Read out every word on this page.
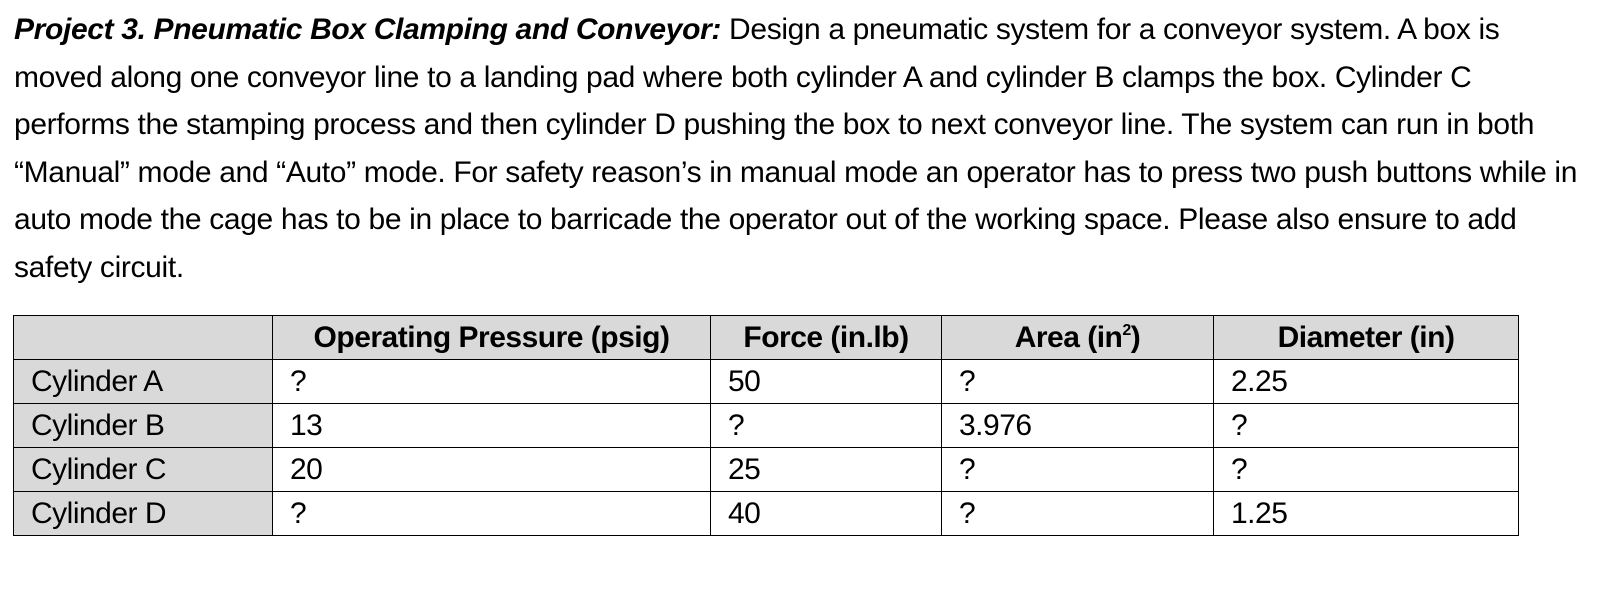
Project 3. Pneumatic Box Clamping and Conveyor: Design a pneumatic system for a conveyor system. A box is moved along one conveyor line to a landing pad where both cylinder A and cylinder B clamps the box. Cylinder C performs the stamping process and then cylinder D pushing the box to next conveyor line. The system can run in both “Manual” mode and “Auto” mode. For safety reason’s in manual mode an operator has to press two push buttons while in auto mode the cage has to be in place to barricade the operator out of the working space. Please also ensure to add safety circuit.
	Operating Pressure (psig)	Force (in.lb)	Area $(in^2)$	Diameter (in)
Cylinder A	?	50	?	2.25
Cylinder B	13	?	3.976	?
Cylinder C	20	25	?	?
Cylinder D	?	40	?	1.25
